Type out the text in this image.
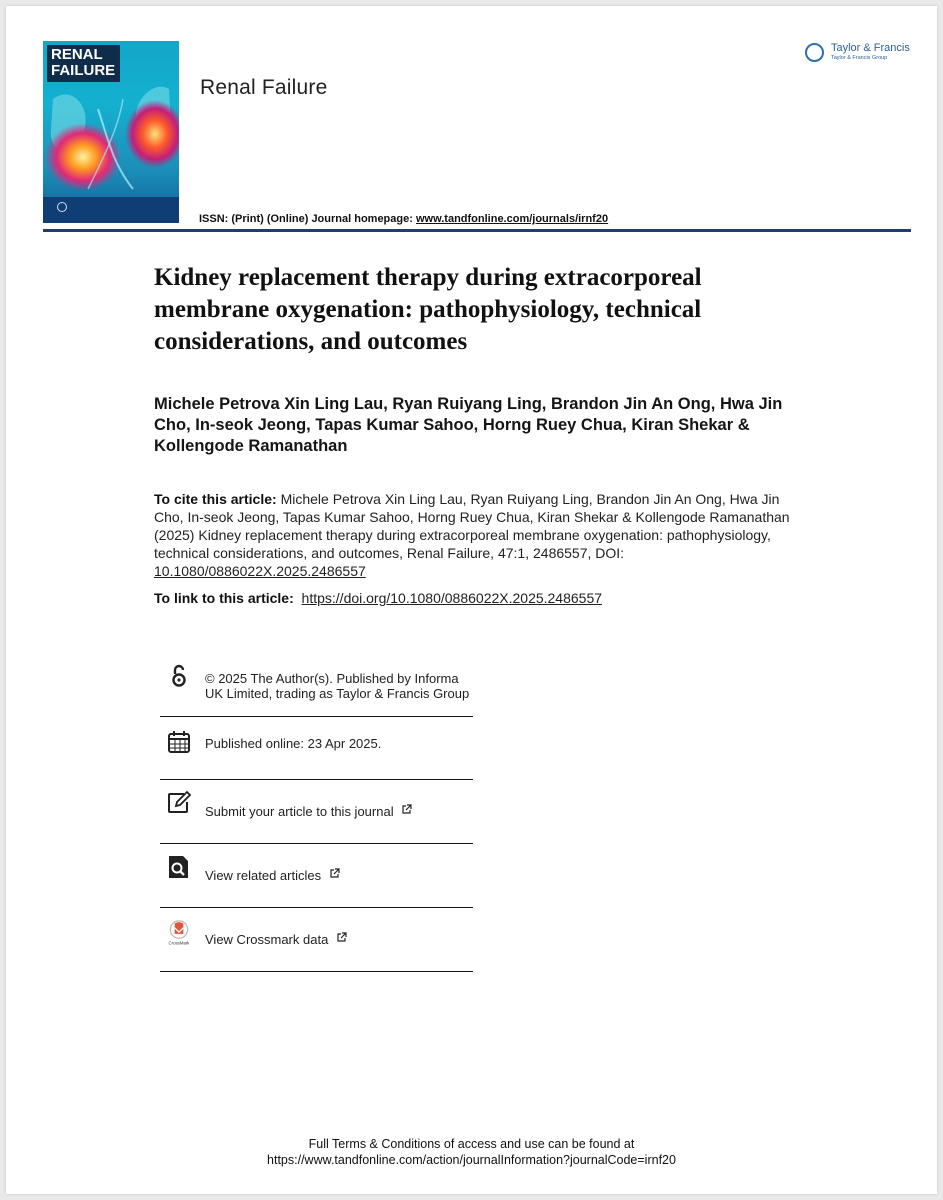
RENAL
FAILURE
Renal Failure
Taylor & Francis
Taylor & Francis Group
ISSN: (Print) (Online) Journal homepage: www.tandfonline.com/journals/irnf20
Kidney replacement therapy during extracorporeal membrane oxygenation: pathophysiology, technical considerations, and outcomes
Michele Petrova Xin Ling Lau, Ryan Ruiyang Ling, Brandon Jin An Ong, Hwa Jin Cho, In-seok Jeong, Tapas Kumar Sahoo, Horng Ruey Chua, Kiran Shekar & Kollengode Ramanathan
To cite this article: Michele Petrova Xin Ling Lau, Ryan Ruiyang Ling, Brandon Jin An Ong, Hwa Jin Cho, In-seok Jeong, Tapas Kumar Sahoo, Horng Ruey Chua, Kiran Shekar & Kollengode Ramanathan (2025) Kidney replacement therapy during extracorporeal membrane oxygenation: pathophysiology, technical considerations, and outcomes, Renal Failure, 47:1, 2486557, DOI: 10.1080/0886022X.2025.2486557
To link to this article: https://doi.org/10.1080/0886022X.2025.2486557
© 2025 The Author(s). Published by Informa UK Limited, trading as Taylor & Francis Group
Published online: 23 Apr 2025.
Submit your article to this journal
View related articles
CrossMark View Crossmark data
Full Terms & Conditions of access and use can be found at
https://www.tandfonline.com/action/journalInformation?journalCode=irnf20
